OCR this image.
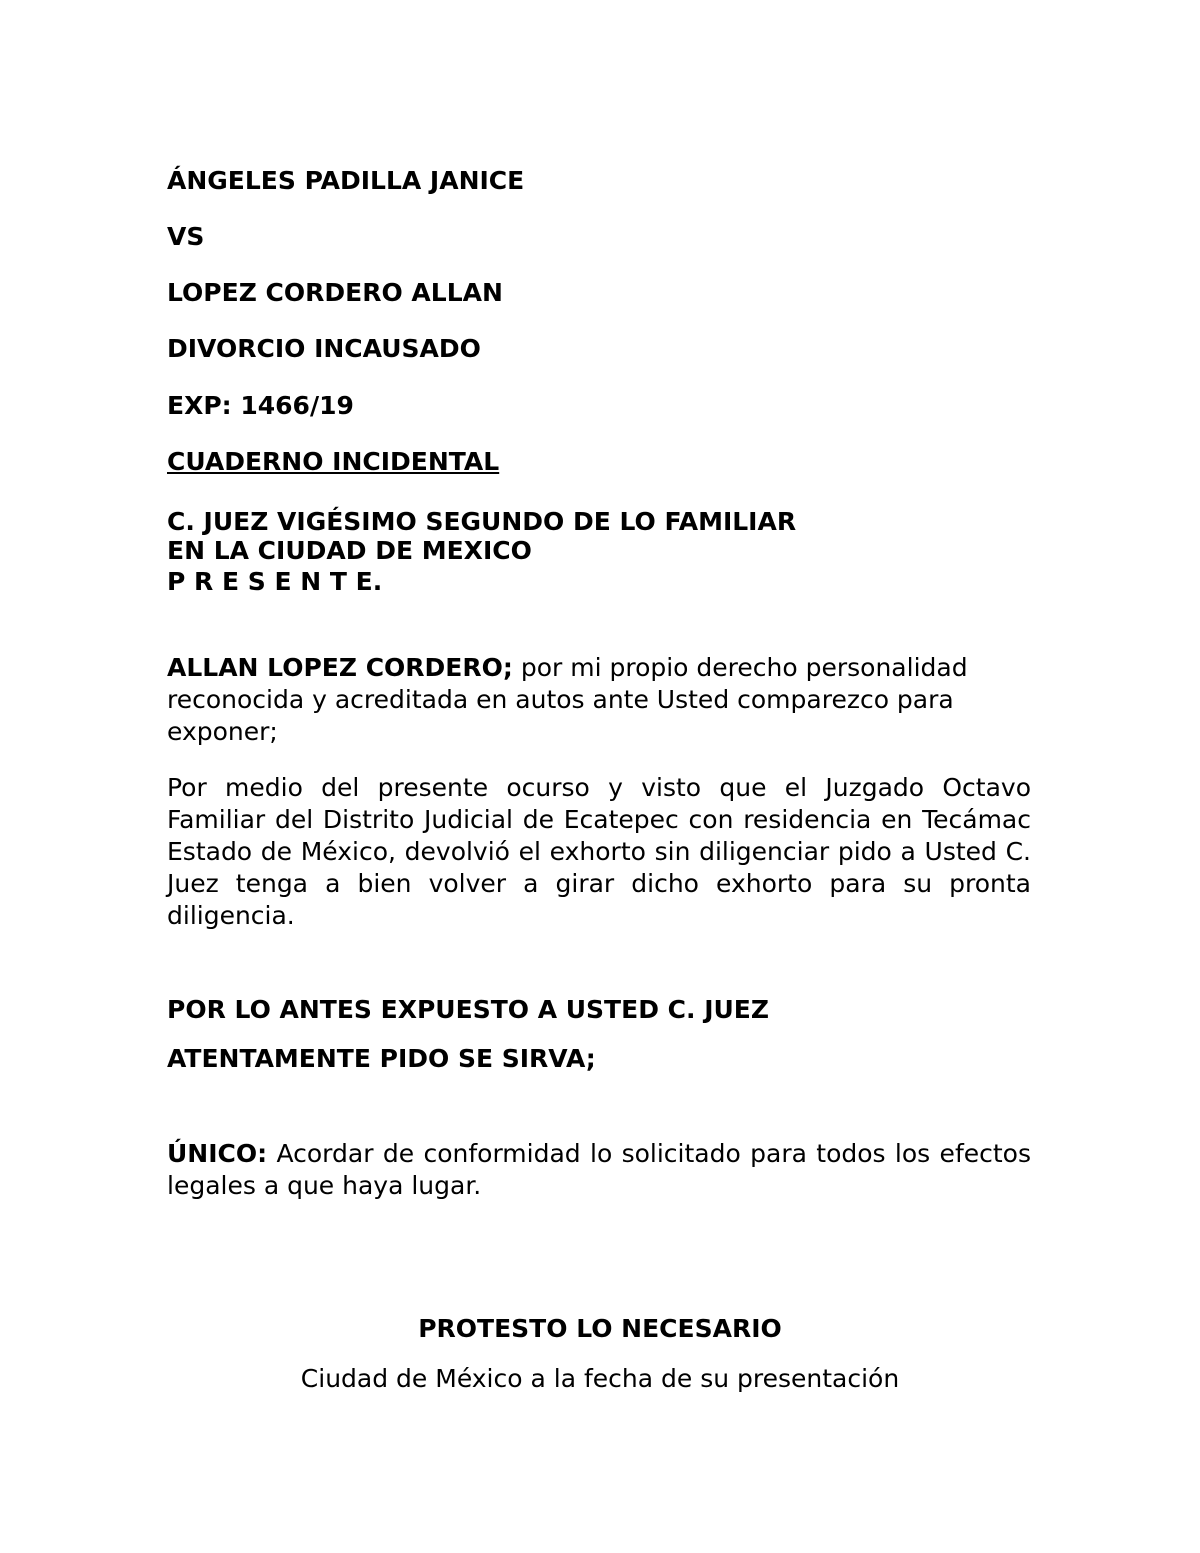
ÁNGELES PADILLA JANICE

VS

LOPEZ CORDERO ALLAN

DIVORCIO INCAUSADO

EXP: 1466/19

CUADERNO INCIDENTAL

C. JUEZ VIGÉSIMO SEGUNDO DE LO FAMILIAR

EN LA CIUDAD DE MEXICO

P R E S E N T E.

ALLAN LOPEZ CORDERO; por mi propio derecho personalidad reconocida y acreditada en autos ante Usted comparezco para exponer;

Por medio del presente ocurso y visto que el Juzgado Octavo Familiar del Distrito Judicial de Ecatepec con residencia en Tecámac Estado de México, devolvió el exhorto sin diligenciar pido a Usted C. Juez tenga a bien volver a girar dicho exhorto para su pronta diligencia.

POR LO ANTES EXPUESTO A USTED C. JUEZ

ATENTAMENTE PIDO SE SIRVA;

ÚNICO: Acordar de conformidad lo solicitado para todos los efectos legales a que haya lugar.

PROTESTO LO NECESARIO

Ciudad de México a la fecha de su presentación
